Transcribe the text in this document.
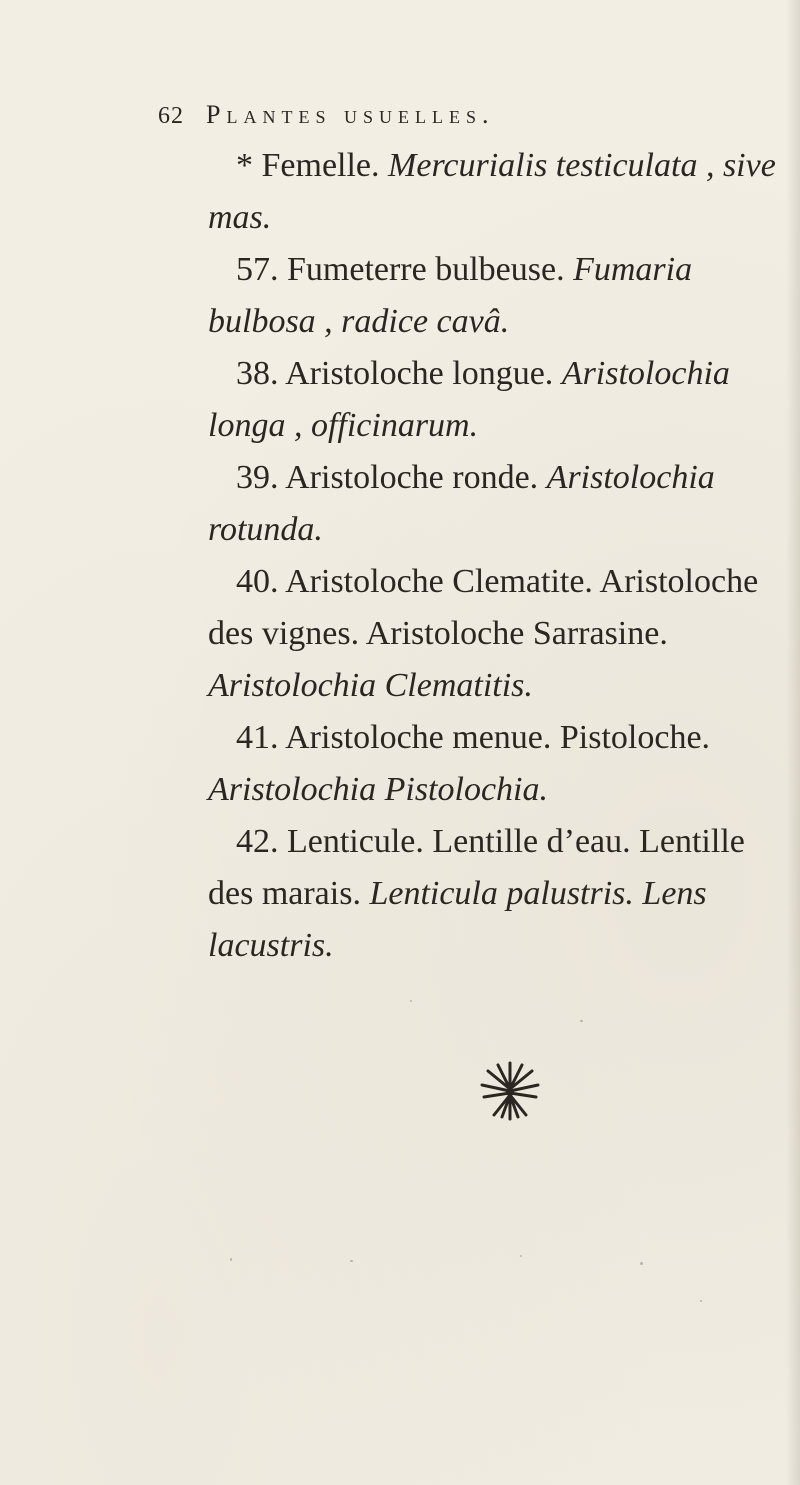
62 Plantes usuelles.

* Femelle. Mercurialis testiculata , sive mas.

57. Fumeterre bulbeuse. Fumaria bulbosa , radice cavâ.

38. Aristoloche longue. Aristolochia longa , officinarum.

39. Aristoloche ronde. Aristolochia rotunda.

40. Aristoloche Clematite. Aristoloche des vignes. Aristoloche Sarrasine. Aristolochia Clematitis.

41. Aristoloche menue. Pistoloche. Aristolochia Pistolochia.

42. Lenticule. Lentille d’eau. Lentille des marais. Lenticula palustris. Lens lacustris.
